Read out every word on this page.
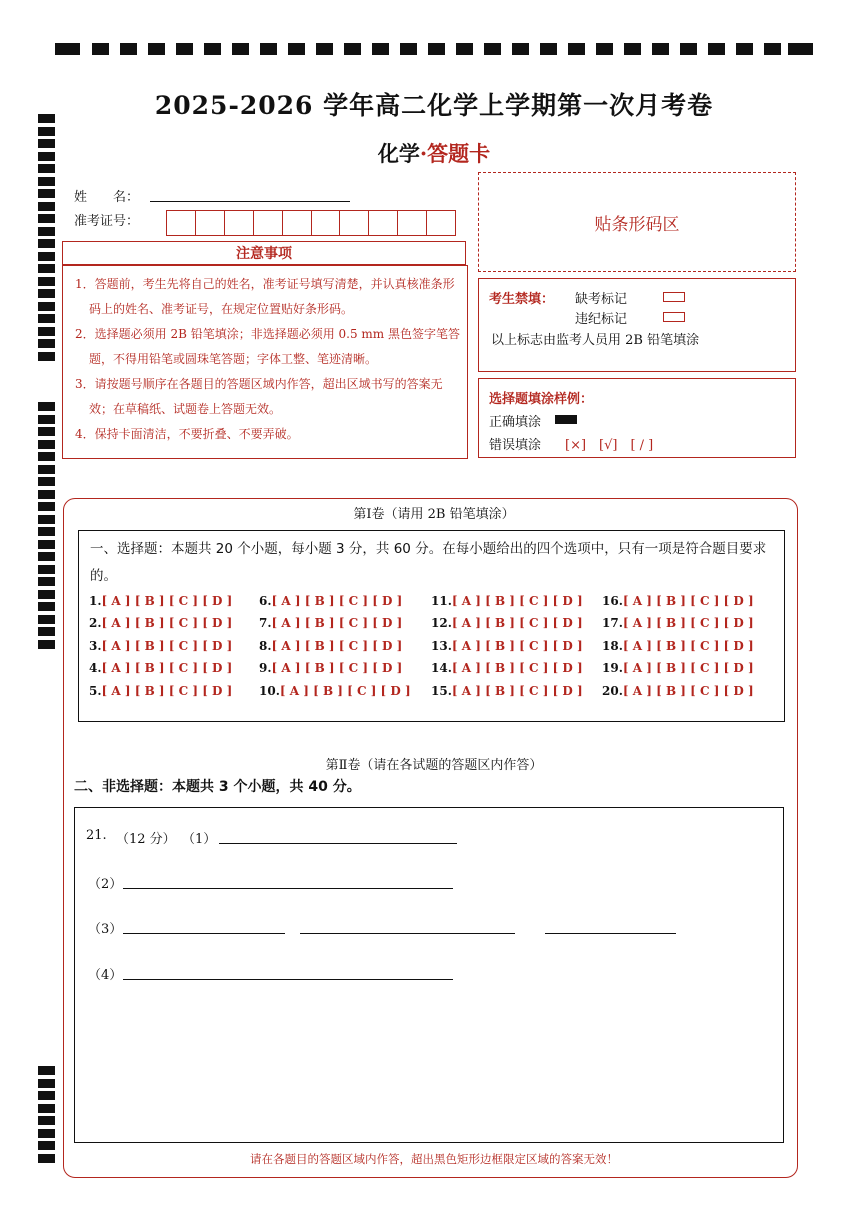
2025-2026 学年高二化学上学期第一次月考卷
化学·答题卡
姓　　名：
准考证号：
注意事项
1．答题前，考生先将自己的姓名，准考证号填写清楚，并认真核准条形码上的姓名、准考证号，在规定位置贴好条形码。
2．选择题必须用 2B 铅笔填涂；非选择题必须用 0.5 mm 黑色签字笔答题，不得用铅笔或圆珠笔答题；字体工整、笔迹清晰。
3．请按题号顺序在各题目的答题区域内作答，超出区域书写的答案无效；在草稿纸、试题卷上答题无效。
4．保持卡面清洁，不要折叠、不要弄破。
贴条形码区
考生禁填： 缺考标记
违纪标记
以上标志由监考人员用 2B 铅笔填涂
选择题填涂样例：
正确填涂
错误填涂 [×]　[√]　[ / ]
第Ⅰ卷（请用 2B 铅笔填涂）
一、选择题：本题共 20 个小题，每小题 3 分，共 60 分。在每小题给出的四个选项中，只有一项是符合题目要求的。
1.[ A ] [ B ] [ C ] [ D ]
2.[ A ] [ B ] [ C ] [ D ]
3.[ A ] [ B ] [ C ] [ D ]
4.[ A ] [ B ] [ C ] [ D ]
5.[ A ] [ B ] [ C ] [ D ]
6.[ A ] [ B ] [ C ] [ D ]
7.[ A ] [ B ] [ C ] [ D ]
8.[ A ] [ B ] [ C ] [ D ]
9.[ A ] [ B ] [ C ] [ D ]
10.[ A ] [ B ] [ C ] [ D ]
11.[ A ] [ B ] [ C ] [ D ]
12.[ A ] [ B ] [ C ] [ D ]
13.[ A ] [ B ] [ C ] [ D ]
14.[ A ] [ B ] [ C ] [ D ]
15.[ A ] [ B ] [ C ] [ D ]
16.[ A ] [ B ] [ C ] [ D ]
17.[ A ] [ B ] [ C ] [ D ]
18.[ A ] [ B ] [ C ] [ D ]
19.[ A ] [ B ] [ C ] [ D ]
20.[ A ] [ B ] [ C ] [ D ]
第Ⅱ卷（请在各试题的答题区内作答）
二、非选择题：本题共 3 个小题，共 40 分。
21. （12 分） （1）
（2）
（3）
（4）
请在各题目的答题区域内作答，超出黑色矩形边框限定区域的答案无效！
